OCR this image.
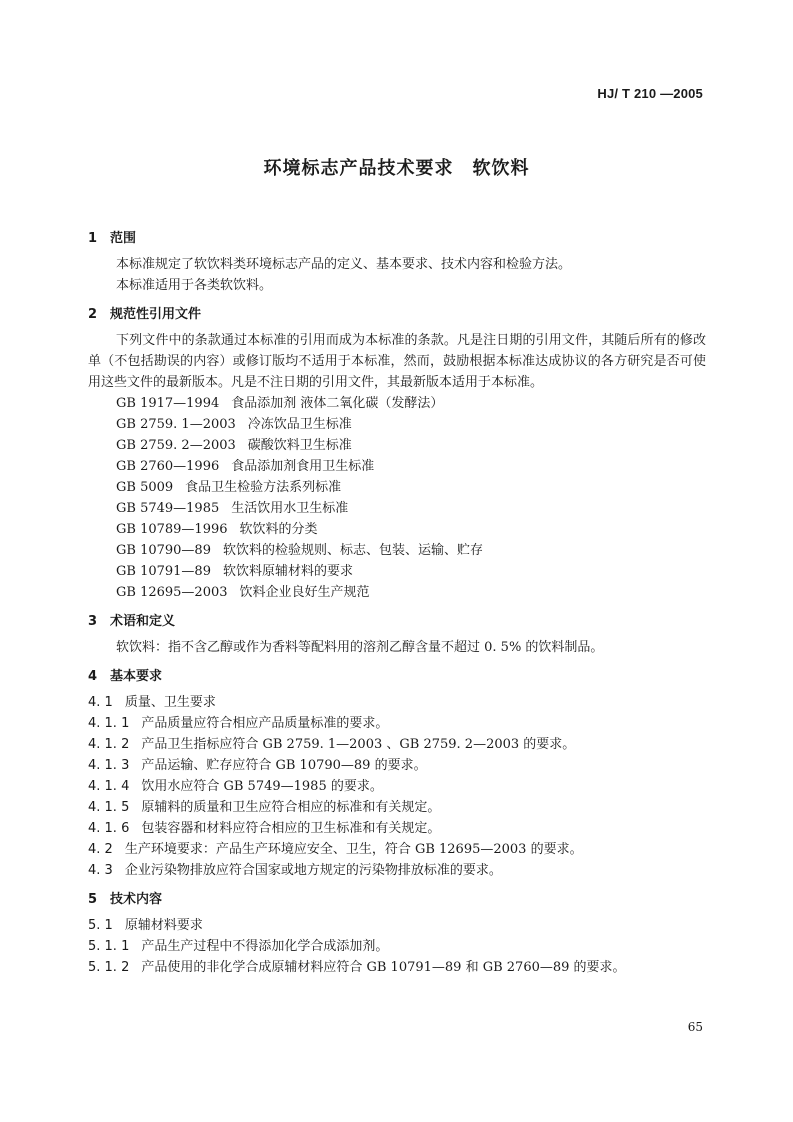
HJ/ T 210 —2005
环境标志产品技术要求　软饮料
1 范围
本标准规定了软饮料类环境标志产品的定义、基本要求、技术内容和检验方法。
本标准适用于各类软饮料。
2 规范性引用文件
下列文件中的条款通过本标准的引用而成为本标准的条款。凡是注日期的引用文件，其随后所有的修改单（不包括勘误的内容）或修订版均不适用于本标准，然而，鼓励根据本标准达成协议的各方研究是否可使用这些文件的最新版本。凡是不注日期的引用文件，其最新版本适用于本标准。
GB 1917—1994 食品添加剂 液体二氧化碳（发酵法）
GB 2759. 1—2003 冷冻饮品卫生标准
GB 2759. 2—2003 碳酸饮料卫生标准
GB 2760—1996 食品添加剂食用卫生标准
GB 5009 食品卫生检验方法系列标准
GB 5749—1985 生活饮用水卫生标准
GB 10789—1996 软饮料的分类
GB 10790—89 软饮料的检验规则、标志、包装、运输、贮存
GB 10791—89 软饮料原辅材料的要求
GB 12695—2003 饮料企业良好生产规范
3 术语和定义
软饮料：指不含乙醇或作为香料等配料用的溶剂乙醇含量不超过 0. 5% 的饮料制品。
4 基本要求
4. 1 质量、卫生要求
4. 1. 1 产品质量应符合相应产品质量标准的要求。
4. 1. 2 产品卫生指标应符合 GB 2759. 1—2003 、GB 2759. 2—2003 的要求。
4. 1. 3 产品运输、贮存应符合 GB 10790—89 的要求。
4. 1. 4 饮用水应符合 GB 5749—1985 的要求。
4. 1. 5 原辅料的质量和卫生应符合相应的标准和有关规定。
4. 1. 6 包装容器和材料应符合相应的卫生标准和有关规定。
4. 2 生产环境要求：产品生产环境应安全、卫生，符合 GB 12695—2003 的要求。
4. 3 企业污染物排放应符合国家或地方规定的污染物排放标准的要求。
5 技术内容
5. 1 原辅材料要求
5. 1. 1 产品生产过程中不得添加化学合成添加剂。
5. 1. 2 产品使用的非化学合成原辅材料应符合 GB 10791—89 和 GB 2760—89 的要求。
65
